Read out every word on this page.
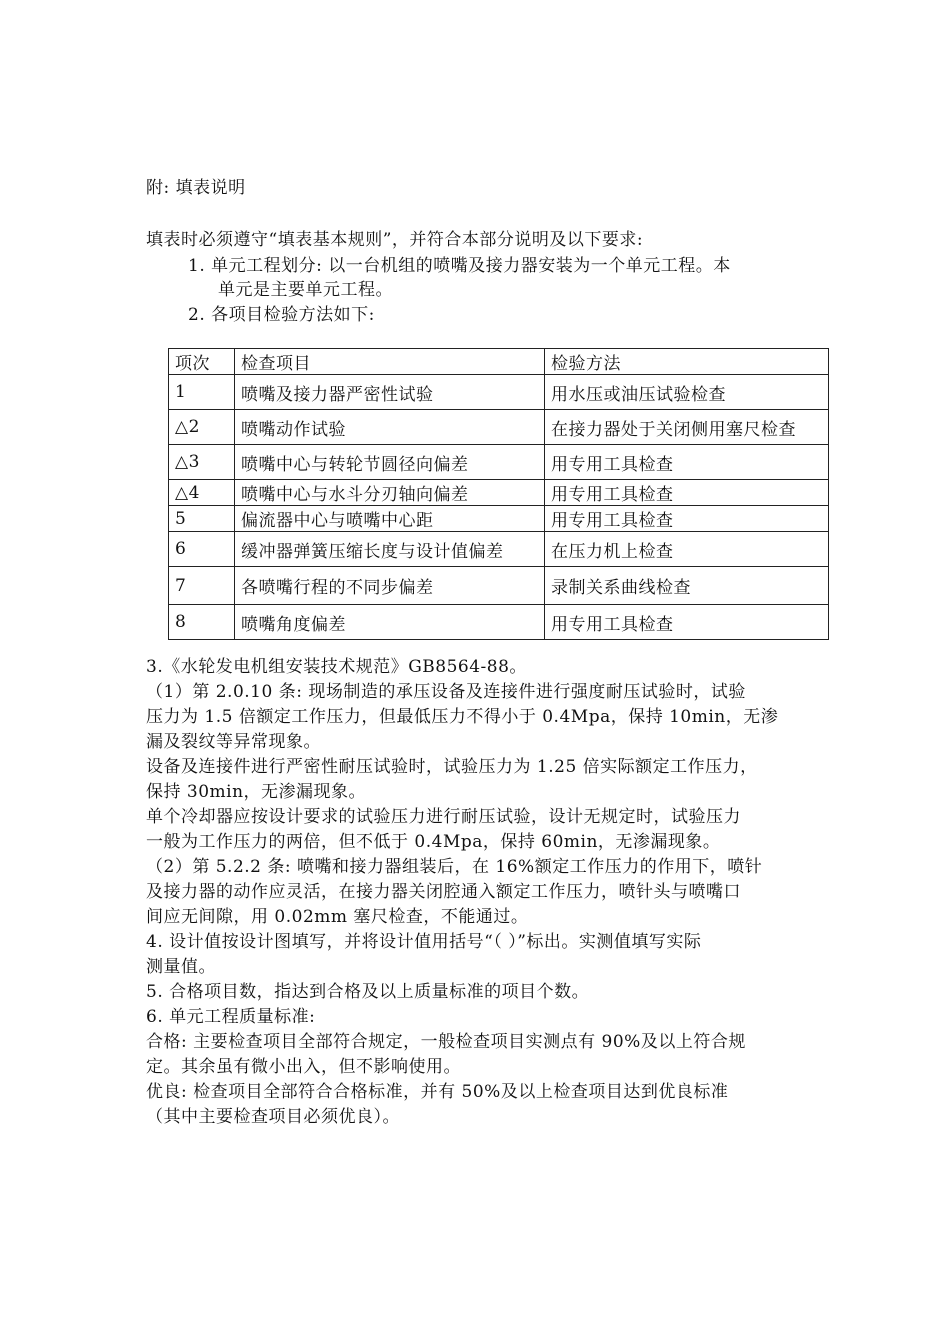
附: 填表说明
填表时必须遵守“填表基本规则”，并符合本部分说明及以下要求:
1. 单元工程划分: 以一台机组的喷嘴及接力器安装为一个单元工程。本
单元是主要单元工程。
2. 各项目检验方法如下:
项次	检查项目	检验方法
1	喷嘴及接力器严密性试验	用水压或油压试验检查
△2	喷嘴动作试验	在接力器处于关闭侧用塞尺检查
△3	喷嘴中心与转轮节圆径向偏差	用专用工具检查
△4	喷嘴中心与水斗分刃轴向偏差	用专用工具检查
5	偏流器中心与喷嘴中心距	用专用工具检查
6	缓冲器弹簧压缩长度与设计值偏差	在压力机上检查
7	各喷嘴行程的不同步偏差	录制关系曲线检查
8	喷嘴角度偏差	用专用工具检查
3.《水轮发电机组安装技术规范》GB8564-88。
（1）第 2.0.10 条: 现场制造的承压设备及连接件进行强度耐压试验时，试验
压力为 1.5 倍额定工作压力，但最低压力不得小于 0.4Mpa，保持 10min，无渗
漏及裂纹等异常现象。
设备及连接件进行严密性耐压试验时，试验压力为 1.25 倍实际额定工作压力，
保持 30min，无渗漏现象。
单个冷却器应按设计要求的试验压力进行耐压试验，设计无规定时，试验压力
一般为工作压力的两倍，但不低于 0.4Mpa，保持 60min，无渗漏现象。
（2）第 5.2.2 条: 喷嘴和接力器组装后，在 16%额定工作压力的作用下，喷针
及接力器的动作应灵活，在接力器关闭腔通入额定工作压力，喷针头与喷嘴口
间应无间隙，用 0.02mm 塞尺检查，不能通过。
4. 设计值按设计图填写，并将设计值用括号“（ ）”标出。实测值填写实际
测量值。
5. 合格项目数，指达到合格及以上质量标准的项目个数。
6. 单元工程质量标准:
合格: 主要检查项目全部符合规定，一般检查项目实测点有 90%及以上符合规
定。其余虽有微小出入，但不影响使用。
优良: 检查项目全部符合合格标准，并有 50%及以上检查项目达到优良标准
（其中主要检查项目必须优良）。
